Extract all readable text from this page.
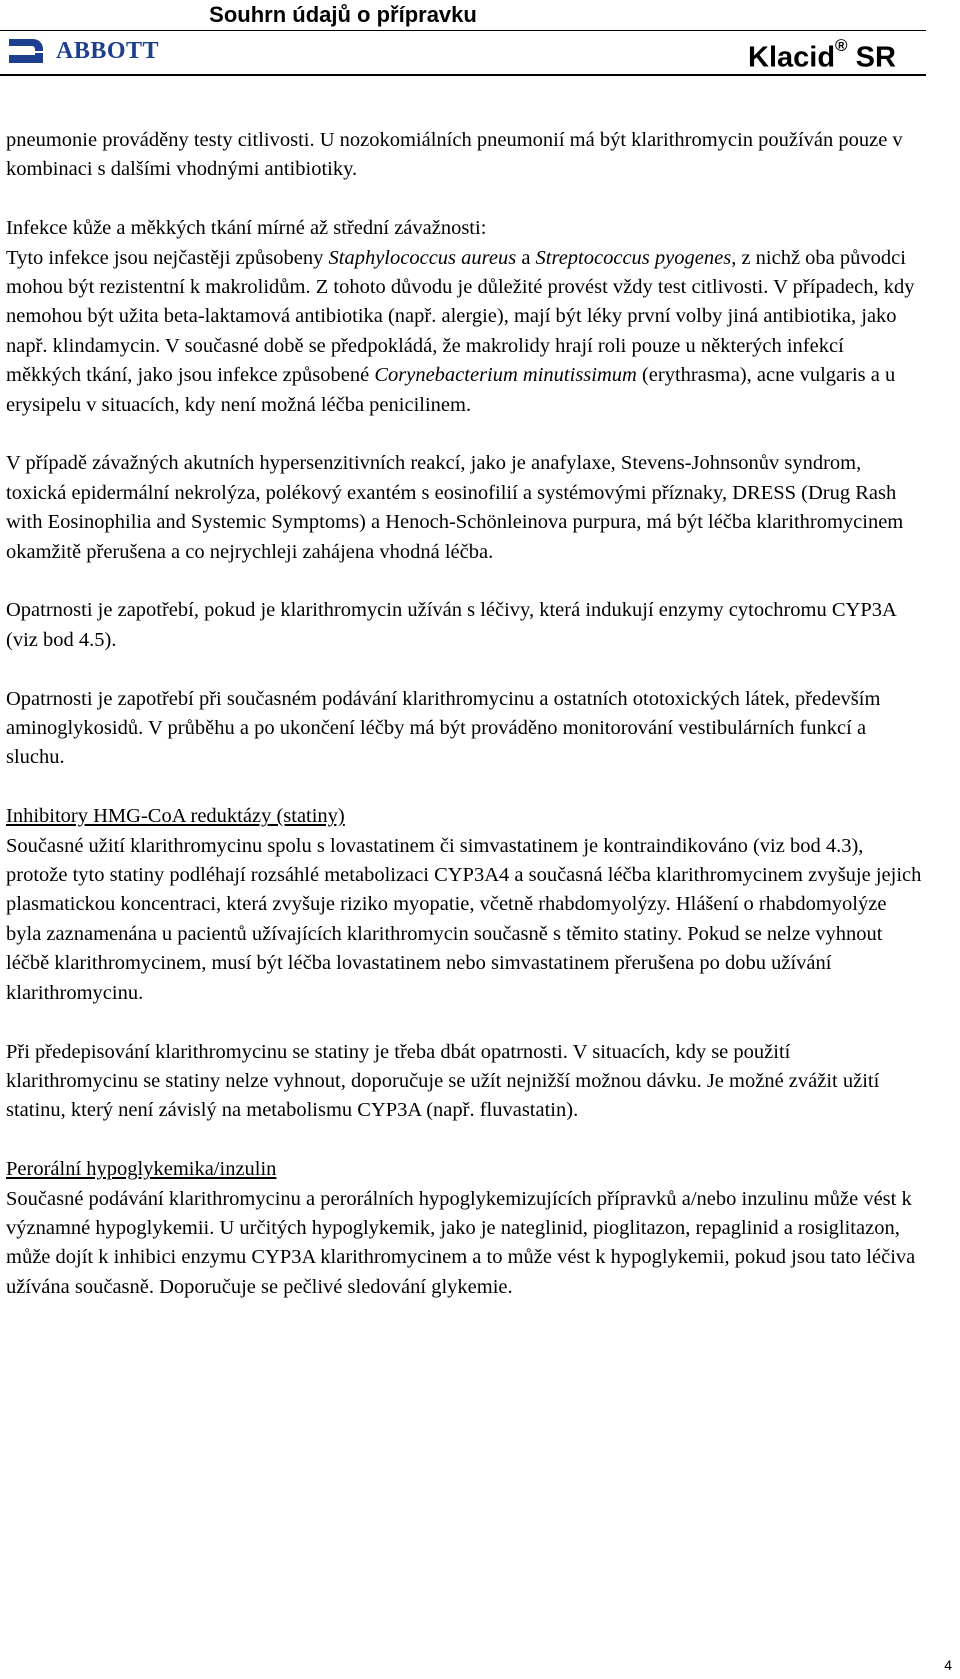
Souhrn údajů o přípravku
ABBOTT	Klacid® SR

pneumonie prováděny testy citlivosti. U nozokomiálních pneumonií má být klarithromycin používán pouze v kombinaci s dalšími vhodnými antibiotiky.

Infekce kůže a měkkých tkání mírné až střední závažnosti:
Tyto infekce jsou nejčastěji způsobeny Staphylococcus aureus a Streptococcus pyogenes, z nichž oba původci mohou být rezistentní k makrolidům. Z tohoto důvodu je důležité provést vždy test citlivosti. V případech, kdy nemohou být užita beta-laktamová antibiotika (např. alergie), mají být léky první volby jiná antibiotika, jako např. klindamycin. V současné době se předpokládá, že makrolidy hrají roli pouze u některých infekcí měkkých tkání, jako jsou infekce způsobené Corynebacterium minutissimum (erythrasma), acne vulgaris a u erysipelu v situacích, kdy není možná léčba penicilinem.

V případě závažných akutních hypersenzitivních reakcí, jako je anafylaxe, Stevens-Johnsonův syndrom, toxická epidermální nekrolýza, polékový exantém s eosinofilií a systémovými příznaky, DRESS (Drug Rash with Eosinophilia and Systemic Symptoms) a Henoch-Schönleinova purpura, má být léčba klarithromycinem okamžitě přerušena a co nejrychleji zahájena vhodná léčba.

Opatrnosti je zapotřebí, pokud je klarithromycin užíván s léčivy, která indukují enzymy cytochromu CYP3A (viz bod 4.5).

Opatrnosti je zapotřebí při současném podávání klarithromycinu a ostatních ototoxických látek, především aminoglykosidů. V průběhu a po ukončení léčby má být prováděno monitorování vestibulárních funkcí a sluchu.

Inhibitory HMG-CoA reduktázy (statiny)
Současné užití klarithromycinu spolu s lovastatinem či simvastatinem je kontraindikováno (viz bod 4.3), protože tyto statiny podléhají rozsáhlé metabolizaci CYP3A4 a současná léčba klarithromycinem zvyšuje jejich plasmatickou koncentraci, která zvyšuje riziko myopatie, včetně rhabdomyolýzy. Hlášení o rhabdomyolýze byla zaznamenána u pacientů užívajících klarithromycin současně s těmito statiny. Pokud se nelze vyhnout léčbě klarithromycinem, musí být léčba lovastatinem nebo simvastatinem přerušena po dobu užívání klarithromycinu.

Při předepisování klarithromycinu se statiny je třeba dbát opatrnosti. V situacích, kdy se použití klarithromycinu se statiny nelze vyhnout, doporučuje se užít nejnižší možnou dávku. Je možné zvážit užití statinu, který není závislý na metabolismu CYP3A (např. fluvastatin).

Perorální hypoglykemika/inzulin
Současné podávání klarithromycinu a perorálních hypoglykemizujících přípravků a/nebo inzulinu může vést k významné hypoglykemii. U určitých hypoglykemik, jako je nateglinid, pioglitazon, repaglinid a rosiglitazon, může dojít k inhibici enzymu CYP3A klarithromycinem a to může vést k hypoglykemii, pokud jsou tato léčiva užívána současně. Doporučuje se pečlivé sledování glykemie.

4
